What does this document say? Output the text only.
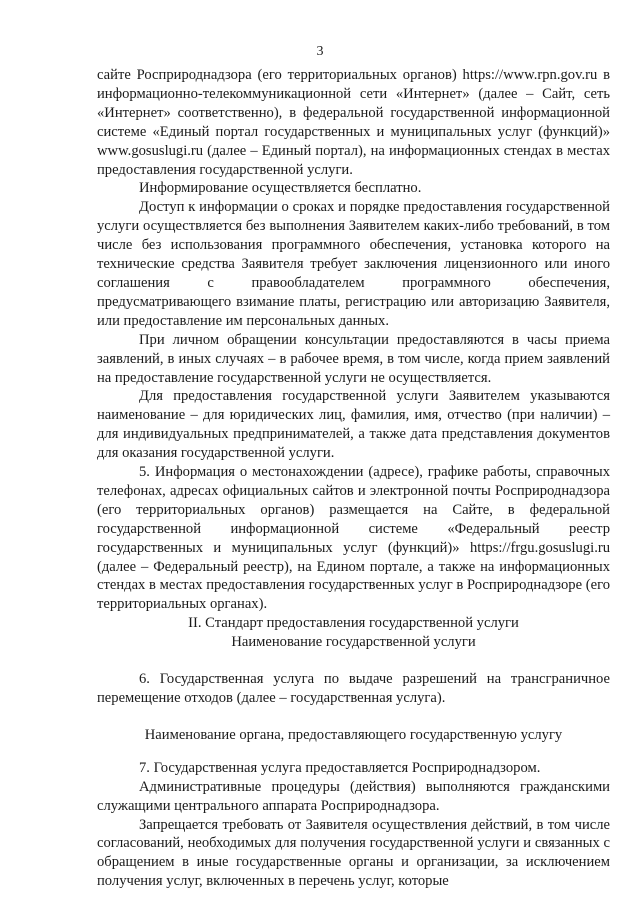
3

сайте Росприроднадзора (его территориальных органов) https://www.rpn.gov.ru в информационно-телекоммуникационной сети «Интернет» (далее – Сайт, сеть «Интернет» соответственно), в федеральной государственной информационной системе «Единый портал государственных и муниципальных услуг (функций)» www.gosuslugi.ru (далее – Единый портал), на информационных стендах в местах предоставления государственной услуги.

Информирование осуществляется бесплатно.

Доступ к информации о сроках и порядке предоставления государственной услуги осуществляется без выполнения Заявителем каких-либо требований, в том числе без использования программного обеспечения, установка которого на технические средства Заявителя требует заключения лицензионного или иного соглашения с правообладателем программного обеспечения, предусматривающего взимание платы, регистрацию или авторизацию Заявителя, или предоставление им персональных данных.

При личном обращении консультации предоставляются в часы приема заявлений, в иных случаях – в рабочее время, в том числе, когда прием заявлений на предоставление государственной услуги не осуществляется.

Для предоставления государственной услуги Заявителем указываются наименование – для юридических лиц, фамилия, имя, отчество (при наличии) – для индивидуальных предпринимателей, а также дата представления документов для оказания государственной услуги.

5. Информация о местонахождении (адресе), графике работы, справочных телефонах, адресах официальных сайтов и электронной почты Росприроднадзора (его территориальных органов) размещается на Сайте, в федеральной государственной информационной системе «Федеральный реестр государственных и муниципальных услуг (функций)» https://frgu.gosuslugi.ru (далее – Федеральный реестр), на Едином портале, а также на информационных стендах в местах предоставления государственных услуг в Росприроднадзоре (его территориальных органах).

II. Стандарт предоставления государственной услуги

Наименование государственной услуги

6. Государственная услуга по выдаче разрешений на трансграничное перемещение отходов (далее – государственная услуга).

Наименование органа, предоставляющего государственную услугу

7. Государственная услуга предоставляется Росприроднадзором.

Административные процедуры (действия) выполняются гражданскими служащими центрального аппарата Росприроднадзора.

Запрещается требовать от Заявителя осуществления действий, в том числе согласований, необходимых для получения государственной услуги и связанных с обращением в иные государственные органы и организации, за исключением получения услуг, включенных в перечень услуг, которые
